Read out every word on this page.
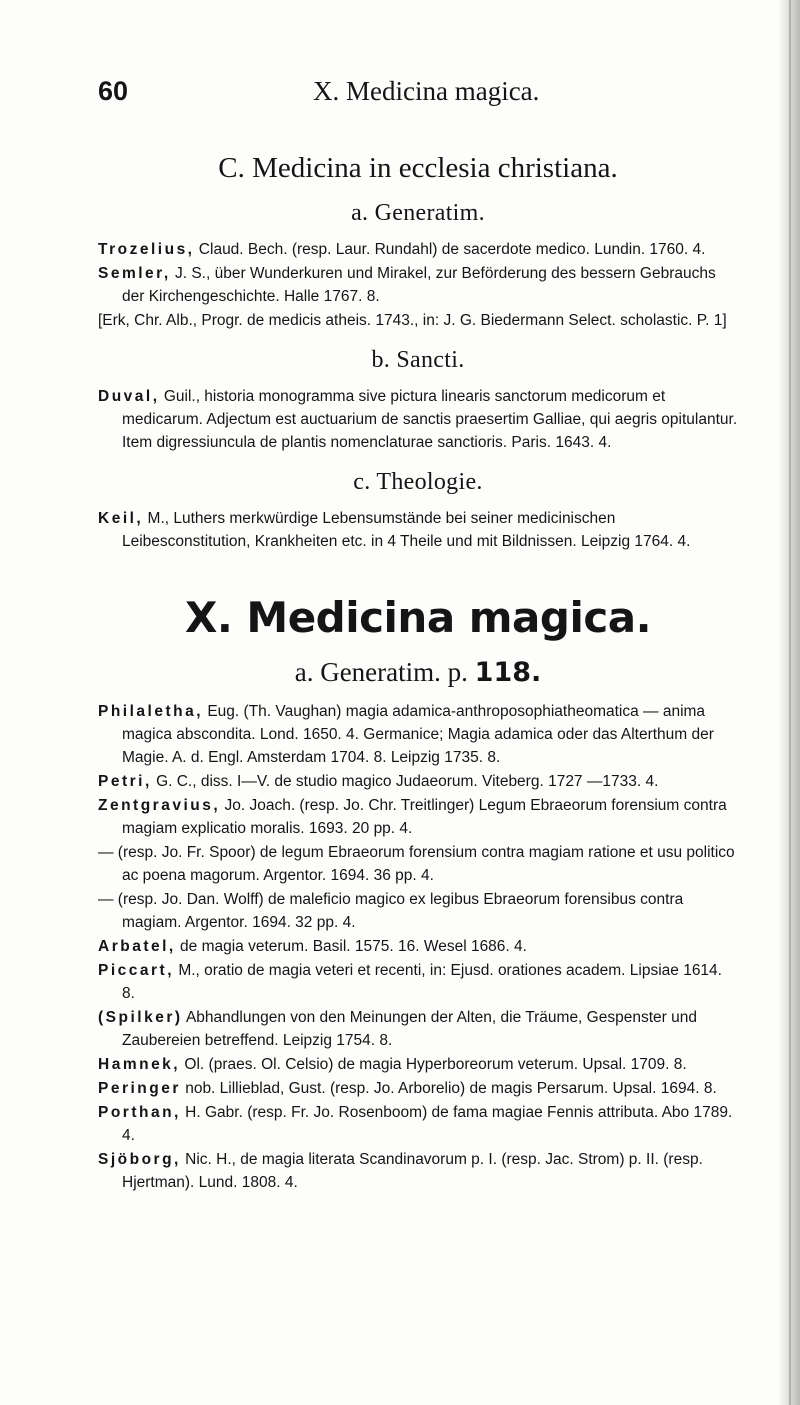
60	X. Medicina magica.
C. Medicina in ecclesia christiana.
a. Generatim.

Trozelius, Claud. Bech. (resp. Laur. Rundahl) de sacerdote medico. Lundin. 1760. 4.

Semler, J. S., über Wunderkuren und Mirakel, zur Beförderung des bessern Gebrauchs der Kirchengeschichte. Halle 1767. 8.

[Erk, Chr. Alb., Progr. de medicis atheis. 1743., in: J. G. Biedermann Select. scholastic. P. 1]

b. Sancti.

Duval, Guil., historia monogramma sive pictura linearis sanctorum medicorum et medicarum. Adjectum est auctuarium de sanctis praesertim Galliae, qui aegris opitulantur. Item digressiuncula de plantis nomenclaturae sanctioris. Paris. 1643. 4.

c. Theologie.

Keil, M., Luthers merkwürdige Lebensumstände bei seiner medicinischen Leibesconstitution, Krankheiten etc. in 4 Theile und mit Bildnissen. Leipzig 1764. 4.

X. Medicina magica.
a. Generatim. p. 118.

Philaletha, Eug. (Th. Vaughan) magia adamica-anthroposophiatheomatica — anima magica abscondita. Lond. 1650. 4. Germanice; Magia adamica oder das Alterthum der Magie. A. d. Engl. Amsterdam 1704. 8. Leipzig 1735. 8.

Petri, G. C., diss. I—V. de studio magico Judaeorum. Viteberg. 1727 —1733. 4.

Zentgravius, Jo. Joach. (resp. Jo. Chr. Treitlinger) Legum Ebraeorum forensium contra magiam explicatio moralis. 1693. 20 pp. 4.

— (resp. Jo. Fr. Spoor) de legum Ebraeorum forensium contra magiam ratione et usu politico ac poena magorum. Argentor. 1694. 36 pp. 4.

— (resp. Jo. Dan. Wolff) de maleficio magico ex legibus Ebraeorum forensibus contra magiam. Argentor. 1694. 32 pp. 4.

Arbatel, de magia veterum. Basil. 1575. 16. Wesel 1686. 4.

Piccart, M., oratio de magia veteri et recenti, in: Ejusd. orationes academ. Lipsiae 1614. 8.

(Spilker) Abhandlungen von den Meinungen der Alten, die Träume, Gespenster und Zaubereien betreffend. Leipzig 1754. 8.

Hamnek, Ol. (praes. Ol. Celsio) de magia Hyperboreorum veterum. Upsal. 1709. 8.

Peringer nob. Lillieblad, Gust. (resp. Jo. Arborelio) de magis Persarum. Upsal. 1694. 8.

Porthan, H. Gabr. (resp. Fr. Jo. Rosenboom) de fama magiae Fennis attributa. Abo 1789. 4.

Sjöborg, Nic. H., de magia literata Scandinavorum p. I. (resp. Jac. Strom) p. II. (resp. Hjertman). Lund. 1808. 4.
